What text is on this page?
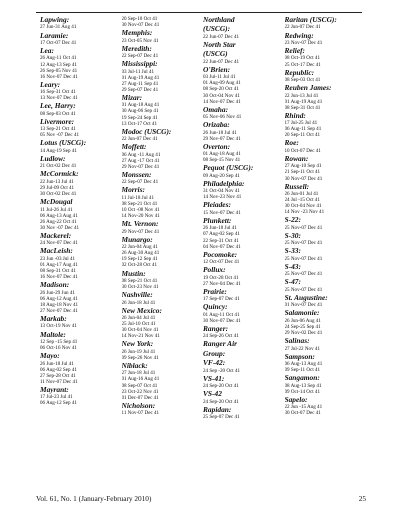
Lapwing:
27 Jun-31 Aug 41
Laramie:
17 Oct-07 Dec 41
Lea:
26 Aug-11 Oct 41
12 Aug-13 Sep 41
26 Sep-05 Nov 41
16 Nov-07 Dec 41
Leary:
16 Sep-31 Oct 41
13 Nov-07 Dec 41
Lee, Harry:
08 Sep-03 Oct 41
Livermore:
13 Sep-21 Oct 41
05 Nov -07 Dec 41
Lotus (USCG):
14 Aug-19 Sep 41
Ludlow:
21 Oct-02 Dec 41
McCormick:
22 Jun-13 Jul 41
29 Jul-09 Oct 41
30 Oct-02 Dec 41
McDougal
11 Jul-26 Jul 41
06 Aug-13 Aug 41
26 Aug-22 Oct 41
30 Nov -07 Dec 41
Mackerel:
24 Nov-07 Dec 41
MacLeish:
23 Jun -03 Jul 41
01 Aug-17 Aug 41
08 Sep-31 Oct 41
16 Nov-07 Dec 41
Madison:
26 Jun-29 Jun 41
06 Aug-12 Aug 41
18 Aug-18 Nov 41
27 Nov-07 Dec 41
Markab:
13 Oct-19 Nov 41
Maltole:
12 Sep -15 Sep 41
06 Oct-16 Nov 41
Mayo:
26 Jun-18 Jul 41
06 Aug-02 Sep 41
27 Sep-28 Oct 41
11 Nov-07 Dec 41
Mayrant:
17 Jul-23 Jul 41
06 Aug-12 Sep 41
20 Sep-10 Oct 41
30 Nov-07 Dec 41
Memphis:
23 Oct-05 Nov 41
Meredith:
22 Sep-07 Dec 41
Mississippi:
03 Jul-11 Jul 41
01 Aug-19 Aug 41
27 Aug-11 Sep 41
29 Sep-07 Dec 41
Mizar:
01 Aug-18 Aug 41
30 Aug-06 Sep 41
19 Sep-24 Sep 41
13 Oct-17 Oct 41
Modoc (USCG):
22 Jun-07 Dec 41
Moffett:
06 Aug -11 Aug 41
27 Aug -17 Oct 41
29 Nov-07 Dec 41
Monssen:
22 Sep-07 Dec 41
Morris:
11 Jul-18 Jul 41
08 Sep-21 Oct 41
10 Oct -08 Nov 41
14 Nov-20 Nov 41
Mt. Vernon:
29 Nov-07 Dec 41
Munargo:
22 Jun-04 Aug 41
26 Aug-30 Aug 41
19 Sep-12 Sep 41
02 Oct-28 Oct 41
Mustin:
08 Sep-21 Oct 41
30 Oct-23 Nov 41
Nashville:
26 Jun-18 Jul 41
New Mexico:
26 Jun-04 Jul 41
25 Jul-10 Oct 41
30 Oct-04 Nov 41
14 Nov-21 Nov 41
New York:
26 Jun-19 Jul 41
09 Sep-26 Nov 41
Niblack:
27 Jun-18 Jul 41
01 Aug-16 Aug 41
08 Sep-07 Oct 41
23 Oct-22 Nov 41
01 Dec-07 Dec 41
Nicholson:
11 Nov-07 Dec 41
Northland
(USCG):
22 Jun-07 Dec 41
North Star
(USCG)
22 Jun-07 Dec 41
O'Brien:
03 Jul-11 Jul 41
01 Aug-09 Aug 41
08 Sep-20 Oct 41
30 Oct-04 Nov 41
14 Nov-07 Dec 41
Omaha:
05 Nov-06 Nov 41
Orizaba:
26 Jun-18 Jul 41
29 Nov-07 Dec 41
Overton:
01 Aug-18 Aug 41
08 Sep-15 Nov 41
Pequot (USCG):
09 Aug-20 Sep 41
Philadelphia:
31 Oct-04 Nov 41
14 Nov-23 Nov 41
Pleiades:
15 Nov-07 Dec 41
Plunkett:
26 Jun-18 Jul 41
07 Aug-02 Sep 41
22 Sep-31 Oct 41
04 Nov-07 Dec 41
Pocomoke:
12 Oct-07 Dec 41
Pollux:
19 Oct-28 Oct 41
27 Nov-04 Dec 41
Prairie:
17 Sep-07 Dec 41
Quincy:
01 Aug-11 Oct 41
30 Nov-07 Dec 41
Ranger:
24 Sep-26 Oct 41
Ranger Air
Group:
VF-42:
24 Sep -20 Oct 41
VS-41:
24 Sep-20 Oct 41
VS-42
24 Sep-20 Oct 41
Rapidan:
25 Sep-07 Dec 41
Raritan (USCG):
22 Jun-07 Dec 41
Redwing:
23 Nov-07 Dec 41
Relief:
08 Oct-19 Oct 41
25 Oct-17 Dec 41
Republic:
08 Sep-03 Oct 41
Reuben James:
22 Jun-13 Jul 41
01 Aug-19 Aug 41
08 Sep-31 Oct 41
Rhind:
17 Jul-25 Jul 41
06 Aug-11 Sep 41
20 Sep-11 Oct 41
Roe:
10 Oct-07 Dec 41
Rowan:
27 Aug-10 Sep 41
21 Sep-11 Oct 41
30 Nov-07 Dec 41
Russell:
26 Jun-01 Jul 41
24 Jul -15 Oct 41
30 Oct-04 Nov 41
14 Nov -23 Nov 41
S-22:
25 Nov-07 Dec 41
S-30:
25 Nov-07 Dec 41
S-33:
25 Nov-07 Dec 41
S-43:
25 Nov-07 Dec 41
S-47:
25 Nov-07 Dec 41
St. Augustine:
01 Nov-07 Dec 41
Salamonie:
26 Jun-06 Aug 41
24 Sep-25 Sep 41
29 Nov-02 Dec 41
Salinas:
27 Jul-22 Nov 41
Sampson:
06 Aug-13 Aug 41
09 Sep-11 Oct 41
Sangamon:
08 Aug-13 Sep 41
09 Oct-14 Oct 41
Sapelo:
22 Jun -15 Aug 41
30 Oct-07 Dec 41
Vol. 61, No. 1 (January-February 2010)	25
